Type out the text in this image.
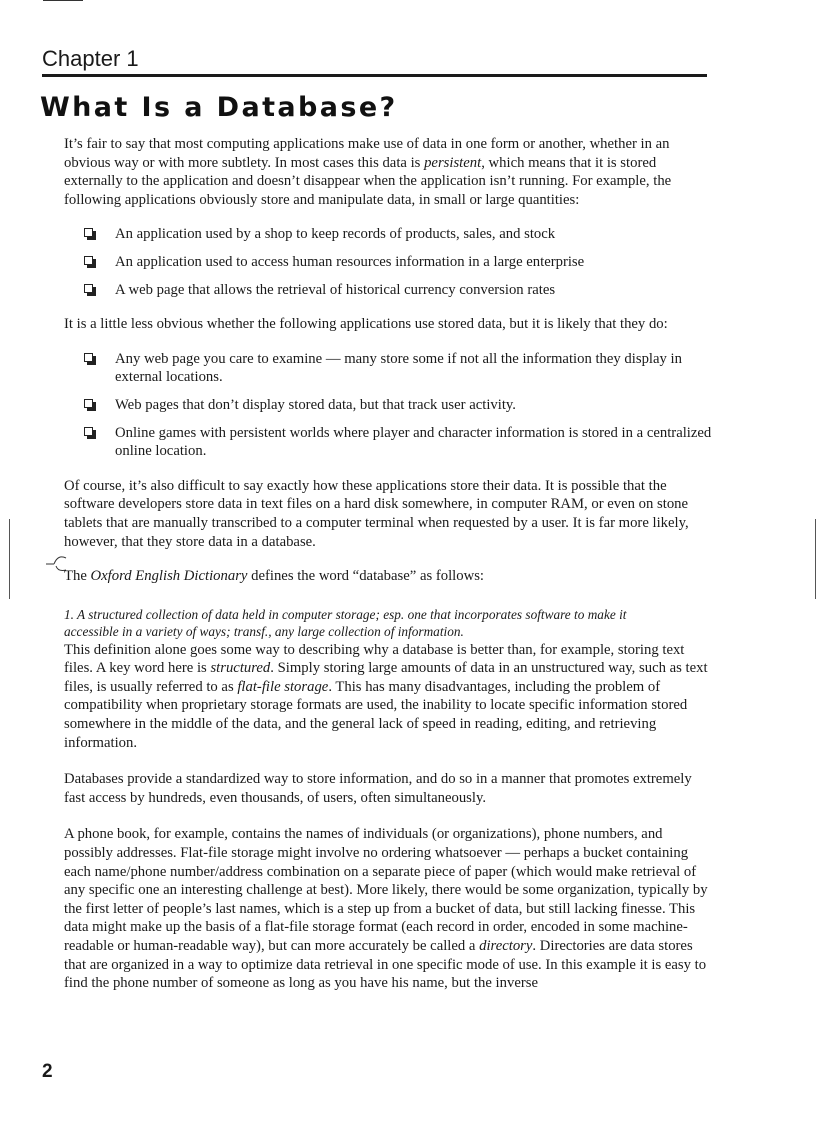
Chapter 1
What Is a Database?

It’s fair to say that most computing applications make use of data in one form or another, whether in an obvious way or with more subtlety. In most cases this data is persistent, which means that it is stored externally to the application and doesn’t disappear when the application isn’t running. For example, the following applications obviously store and manipulate data, in small or large quantities:

An application used by a shop to keep records of products, sales, and stock
An application used to access human resources information in a large enterprise
A web page that allows the retrieval of historical currency conversion rates

It is a little less obvious whether the following applications use stored data, but it is likely that they do:

Any web page you care to examine — many store some if not all the information they display in external locations.
Web pages that don’t display stored data, but that track user activity.
Online games with persistent worlds where player and character information is stored in a centralized online location.

Of course, it’s also difficult to say exactly how these applications store their data. It is possible that the software developers store data in text files on a hard disk somewhere, in computer RAM, or even on stone tablets that are manually transcribed to a computer terminal when requested by a user. It is far more likely, however, that they store data in a database.

The Oxford English Dictionary defines the word “database” as follows:

1. A structured collection of data held in computer storage; esp. one that incorporates software to make it accessible in a variety of ways; transf., any large collection of information.

This definition alone goes some way to describing why a database is better than, for example, storing text files. A key word here is structured. Simply storing large amounts of data in an unstructured way, such as text files, is usually referred to as flat-file storage. This has many disadvantages, including the problem of compatibility when proprietary storage formats are used, the inability to locate specific information stored somewhere in the middle of the data, and the general lack of speed in reading, editing, and retrieving information.

Databases provide a standardized way to store information, and do so in a manner that promotes extremely fast access by hundreds, even thousands, of users, often simultaneously.

A phone book, for example, contains the names of individuals (or organizations), phone numbers, and possibly addresses. Flat-file storage might involve no ordering whatsoever — perhaps a bucket containing each name/phone number/address combination on a separate piece of paper (which would make retrieval of any specific one an interesting challenge at best). More likely, there would be some organization, typically by the first letter of people’s last names, which is a step up from a bucket of data, but still lacking finesse. This data might make up the basis of a flat-file storage format (each record in order, encoded in some machine-readable or human-readable way), but can more accurately be called a directory. Directories are data stores that are organized in a way to optimize data retrieval in one specific mode of use. In this example it is easy to find the phone number of someone as long as you have his name, but the inverse

2
